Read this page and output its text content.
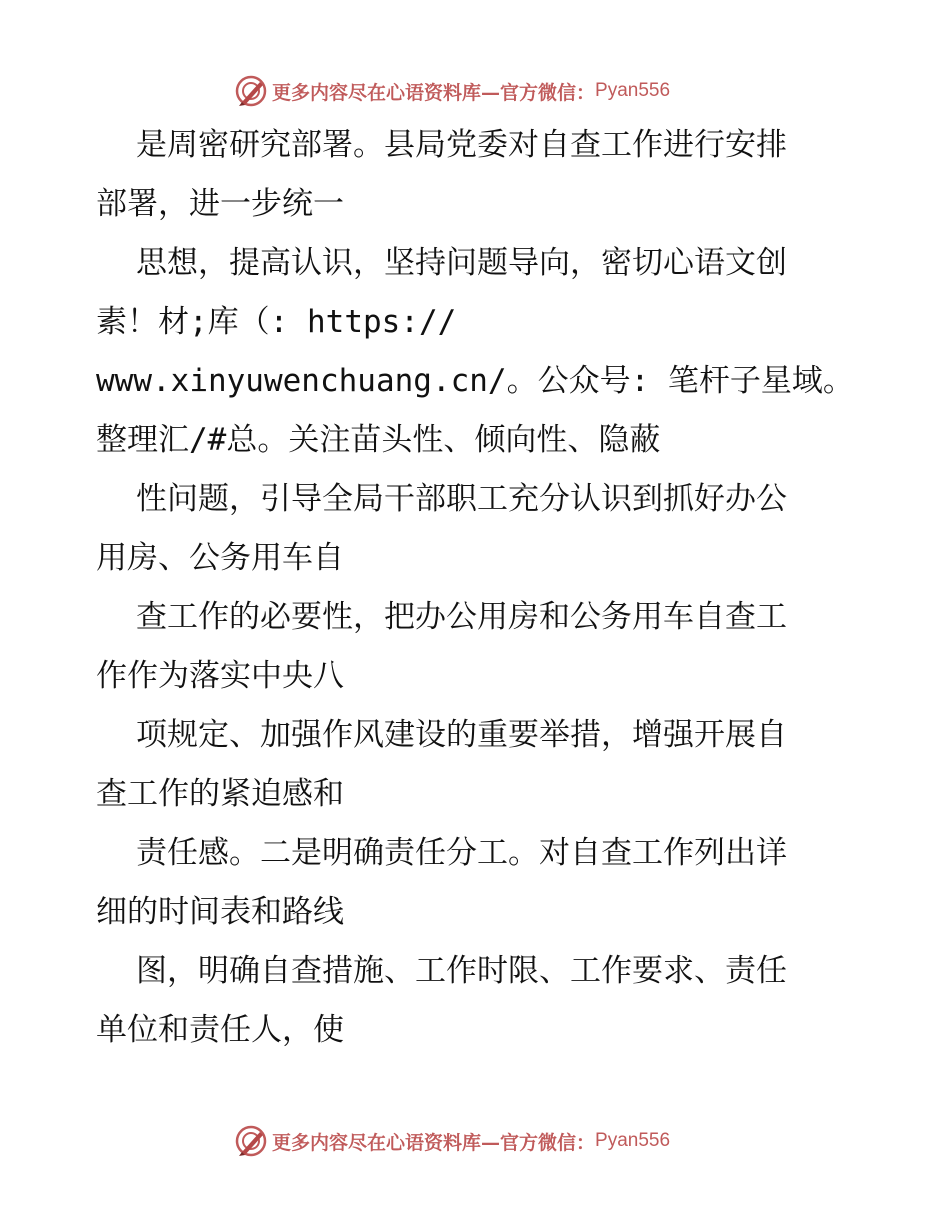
更多内容尽在心语资料库—官方微信： Pyan556
是周密研究部署。县局党委对自查工作进行安排
部署，进一步统一
思想，提高认识，坚持问题导向，密切心语文创
素！材;库（: https://
www.xinyuwenchuang.cn/。公众号: 笔杆子星域。
整理汇/#总。关注苗头性、倾向性、隐蔽
性问题，引导全局干部职工充分认识到抓好办公
用房、公务用车自
查工作的必要性，把办公用房和公务用车自查工
作作为落实中央八
项规定、加强作风建设的重要举措，增强开展自
查工作的紧迫感和
责任感。二是明确责任分工。对自查工作列出详
细的时间表和路线
图，明确自查措施、工作时限、工作要求、责任
单位和责任人，使
更多内容尽在心语资料库—官方微信： Pyan556
